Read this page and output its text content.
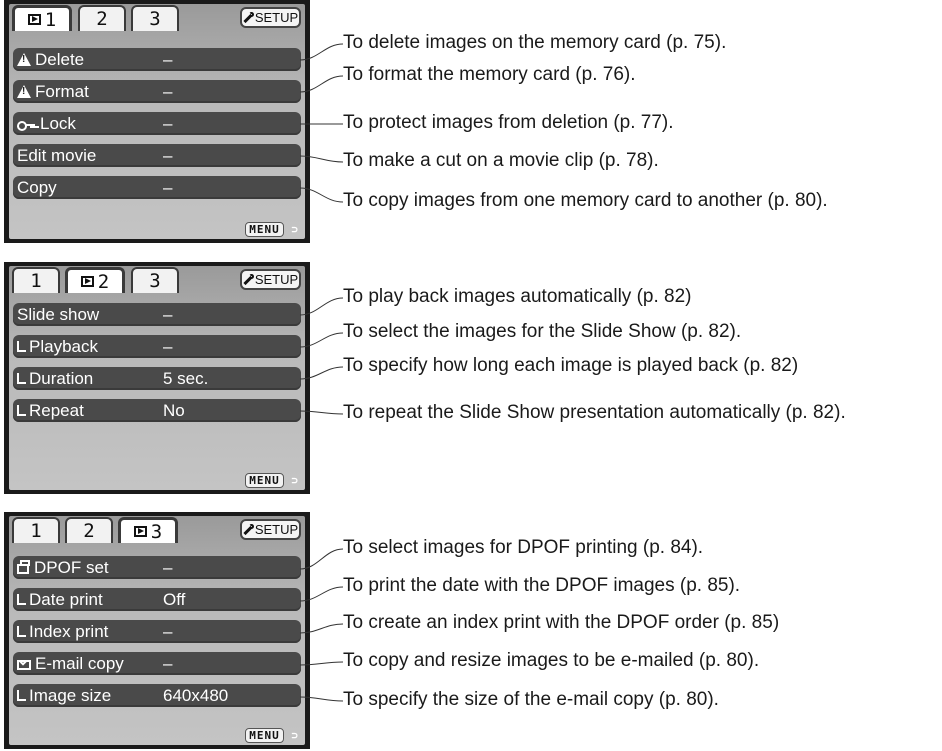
1 2 3	SETUP
!Delete	–
!Format	–
Lock	–
Edit movie	–
Copy	–
MENU ⊃
1	2 3	SETUP
Slide show	–
Playback	–
Duration	5 sec.
Repeat	No
MENU ⊃
1 2	3	SETUP
DPOF set	–
Date print	Off
Index print	–
E-mail copy –
Image size	640x480
MENU ⊃
To delete images on the memory card (p. 75).
To format the memory card (p. 76).
To protect images from deletion (p. 77).
To make a cut on a movie clip (p. 78).
To copy images from one memory card to another (p. 80).
To play back images automatically (p. 82)
To select the images for the Slide Show (p. 82).
To specify how long each image is played back (p. 82)
To repeat the Slide Show presentation automatically (p. 82).
To select images for DPOF printing (p. 84).
To print the date with the DPOF images (p. 85).
To create an index print with the DPOF order (p. 85)
To copy and resize images to be e-mailed (p. 80).
To specify the size of the e-mail copy (p. 80).
